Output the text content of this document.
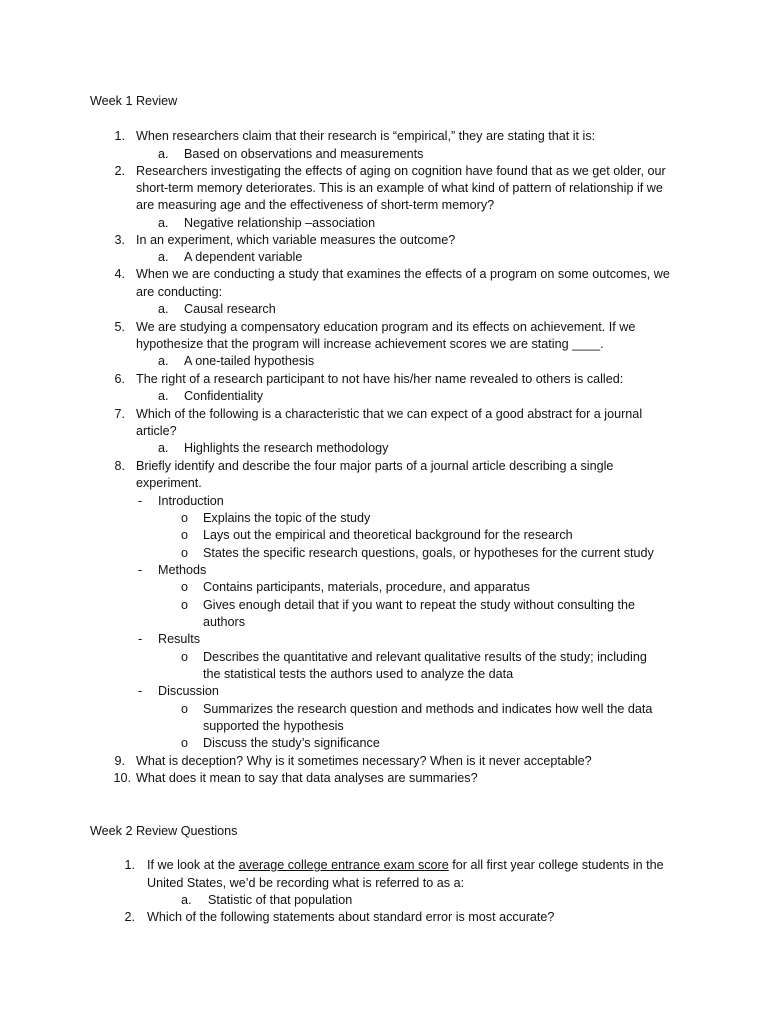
Week 1 Review
1. When researchers claim that their research is “empirical,” they are stating that it is:
a. Based on observations and measurements
2. Researchers investigating the effects of aging on cognition have found that as we get older, our
short-term memory deteriorates. This is an example of what kind of pattern of relationship if we
are measuring age and the effectiveness of short-term memory?
a. Negative relationship –association
3. In an experiment, which variable measures the outcome?
a. A dependent variable
4. When we are conducting a study that examines the effects of a program on some outcomes, we
are conducting:
a. Causal research
5. We are studying a compensatory education program and its effects on achievement. If we
hypothesize that the program will increase achievement scores we are stating ____.
a. A one-tailed hypothesis
6. The right of a research participant to not have his/her name revealed to others is called:
a. Confidentiality
7. Which of the following is a characteristic that we can expect of a good abstract for a journal
article?
a. Highlights the research methodology
8. Briefly identify and describe the four major parts of a journal article describing a single
experiment.
- Introduction
o Explains the topic of the study
o Lays out the empirical and theoretical background for the research
o States the specific research questions, goals, or hypotheses for the current study
- Methods
o Contains participants, materials, procedure, and apparatus
o Gives enough detail that if you want to repeat the study without consulting the
authors
- Results
o Describes the quantitative and relevant qualitative results of the study; including
the statistical tests the authors used to analyze the data
- Discussion
o Summarizes the research question and methods and indicates how well the data
supported the hypothesis
o Discuss the study’s significance
9. What is deception? Why is it sometimes necessary? When is it never acceptable?
10. What does it mean to say that data analyses are summaries?
Week 2 Review Questions
1. If we look at the average college entrance exam score for all first year college students in the
United States, we’d be recording what is referred to as a:
a. Statistic of that population
2. Which of the following statements about standard error is most accurate?
